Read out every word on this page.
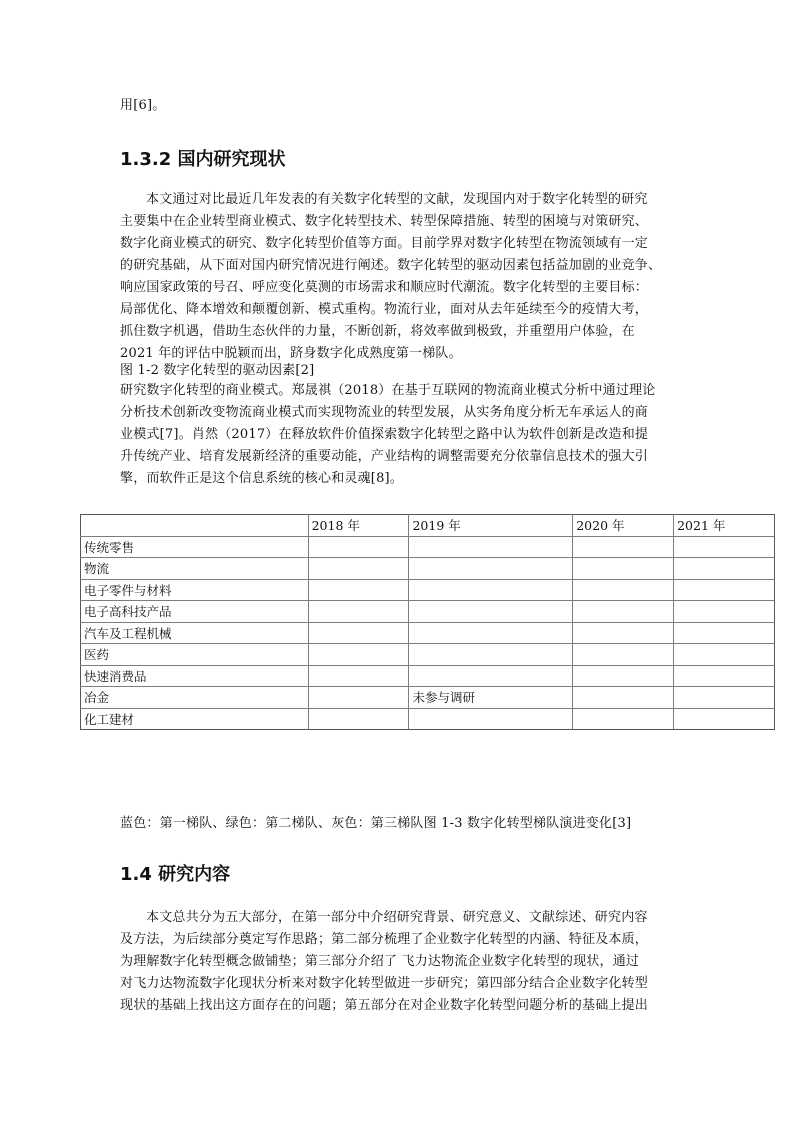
用[6]。
1.3.2 国内研究现状
本文通过对比最近几年发表的有关数字化转型的文献，发现国内对于数字化转型的研究
主要集中在企业转型商业模式、数字化转型技术、转型保障措施、转型的困境与对策研究、
数字化商业模式的研究、数字化转型价值等方面。目前学界对数字化转型在物流领域有一定
的研究基础，从下面对国内研究情况进行阐述。数字化转型的驱动因素包括益加剧的业竞争、
响应国家政策的号召、呼应变化莫测的市场需求和顺应时代潮流。数字化转型的主要目标：
局部优化、降本增效和颠覆创新、模式重构。物流行业，面对从去年延续至今的疫情大考，
抓住数字机遇，借助生态伙伴的力量，不断创新，将效率做到极致，并重塑用户体验，在
2021 年的评估中脱颖而出，跻身数字化成熟度第一梯队。
图 1-2 数字化转型的驱动因素[2]
研究数字化转型的商业模式。郑晟祺（2018）在基于互联网的物流商业模式分析中通过理论
分析技术创新改变物流商业模式而实现物流业的转型发展，从实务角度分析无车承运人的商
业模式[7]。肖然（2017）在释放软件价值探索数字化转型之路中认为软件创新是改造和提
升传统产业、培育发展新经济的重要动能，产业结构的调整需要充分依靠信息技术的强大引
擎，而软件正是这个信息系统的核心和灵魂[8]。
	2018 年	2019 年	2020 年	2021 年
传统零售				
物流				
电子零件与材料				
电子高科技产品				
汽车及工程机械				
医药				
快速消费品				
冶金		未参与调研		
化工建材				
蓝色：第一梯队、绿色：第二梯队、灰色：第三梯队图 1-3 数字化转型梯队演进变化[3]
1.4 研究内容
本文总共分为五大部分，在第一部分中介绍研究背景、研究意义、文献综述、研究内容
及方法，为后续部分奠定写作思路；第二部分梳理了企业数字化转型的内涵、特征及本质，
为理解数字化转型概念做铺垫；第三部分介绍了 飞力达物流企业数字化转型的现状，通过
对飞力达物流数字化现状分析来对数字化转型做进一步研究；第四部分结合企业数字化转型
现状的基础上找出这方面存在的问题；第五部分在对企业数字化转型问题分析的基础上提出
